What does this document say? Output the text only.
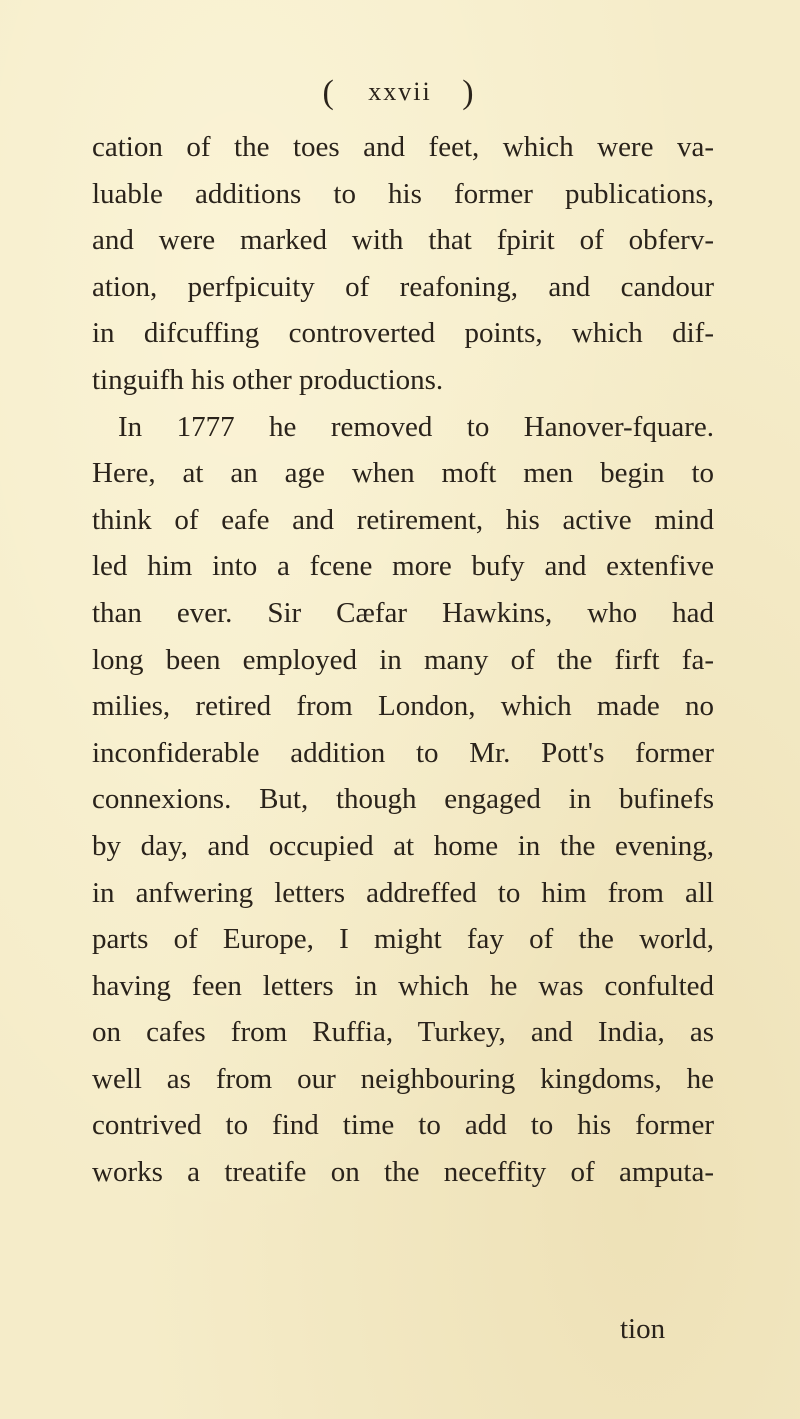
( xxvii )
cation of the toes and feet, which were va-
luable additions to his former publications,
and were marked with that fpirit of obferv-
ation, perfpicuity of reafoning, and candour
in difcuffing controverted points, which dif-
tinguifh his other productions.
In 1777 he removed to Hanover-fquare.
Here, at an age when moft men begin to
think of eafe and retirement, his active mind
led him into a fcene more bufy and extenfive
than ever. Sir Cæfar Hawkins, who had
long been employed in many of the firft fa-
milies, retired from London, which made no
inconfiderable addition to Mr. Pott's former
connexions. But, though engaged in bufinefs
by day, and occupied at home in the evening,
in anfwering letters addreffed to him from all
parts of Europe, I might fay of the world,
having feen letters in which he was confulted
on cafes from Ruffia, Turkey, and India, as
well as from our neighbouring kingdoms, he
contrived to find time to add to his former
works a treatife on the neceffity of amputa-
tion
